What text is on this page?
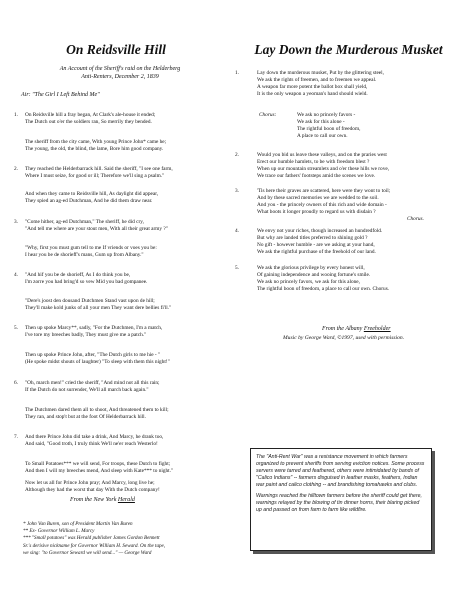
On Reidsville Hill
An Account of the Sheriff's raid on the Helderberg
Anti-Renters, December 2, 1839
Air: "The Girl I Left Behind Me"
1. On Reidsville hill a fray began, At Clark's ale-house it ended;
The Dutch out o'er the soldiers ran, So merrily they bended.
The sheriff from the city came, With young Prince John* came he;
The young, the old, the blind, the lame, Bore him good company.
2. They reached the Helderbarrack hill. Said the sheriff, "I see one farm,
Where I must seize, for good or ill; Therefore we'll sing a psalm."
And when they came to Reidsville hill, As daylight did appear,
They spied an ag-ed Dutchman, And he did them draw near.
3. "Come hither, ag-ed Dutchman," The sheriff, he did cry,
"And tell me where are your stout men, With all their great army ?"
"Why, first you must gum tell to me If vriends or voes you be:
I hear you be de shorieff's mans, Gum up from Albany."
4. "And hif you be de shorieff, As I do think you be,
I'm zorre you had bring'd so vew Mid you bad gompanee.
"Dere's joost den dousand Dutchmen Stand vast upon de hill;
They'll make kold junks of all your men They want dere bellies fi'll."
5. Then up spoke Marcy**, sadly, "For the Dutchmen, I'm a match,
I've tore my breeches badly, They must give me a patch."
Then up spoke Prince John, after, "The Dutch girls to me hie - "
(He spoke midst shouts of laughter) "To sleep with them this night!"
6. "Oh, march men!" cried the sheriff, "And mind not all this rain;
If the Dutch do not surrender, We'll all march back again."
The Dutchmen dared them all to shoot, And threatened them to kill;
They ran, and stop't but at the foot Of Helderbarrack hill.
7. And there Prince John did take a drink, And Marcy, he drank too,
And said, "Good troth, I truly think We'll ne'er reach Westerlo!
To Small Potatoes*** we will send, For troops, these Dutch to fight;
And then I will my breeches mend, And sleep with Kate*** to night."
Now let us all for Prince John pray; And Marcy, long live he;
Although they had the worst that day With the Dutch company!
From the New York Herald
* John Van Buren, son of President Martin Van Buren
** Ex- Governor William L. Marcy
*** "Small potatoes" was Herald publisher James Gordon Bennett
Sr.'s derisive nickname for Governor William H. Seward. On the tape,
we sing: "to Governor Seward we will send..." — George Ward
Lay Down the Murderous Musket
1.	Lay down the murderous musket, Put by the glittering steel,
We ask the rights of freemen, and to freemen we appeal.
A weapon far more potent the ballot box shall yield,
It is the only weapon a yeoman's hand should wield.
Chorus:	We ask no princely favors -
We ask for this alone -
The rightful boon of freedom,
A place to call our own.
2.	Would you bid us leave these valleys, and on the praries west
Erect our humble hamlets, to be with freedom blest ?
When up our mountain streamlets and o'er these hills we rove,
We trace our fathers' footsteps amid the scenes we love.
3.	'Tis here their graves are scattered, here were they wont to toil;
And by these sacred memories we are wedded to the soil.
And you - the princely owners of this rich and wide domain -
What boots it longer proudly to regard us with disdain ?
Chorus.
4.	We envy not your riches, though increased an hundredfold.
But why are landed titles preferred to shining gold ?
No gift - however humble - are we asking at your hand,
We ask the rightful purchase of the freehold of our land.
5.	We ask the glorious privilege by every honest will,
Of gaining independence and wooing fortune's smile.
We ask no princely favors, we ask for this alone,
The rightful boon of freedom, a place to call our own. Chorus.
From the Albany Freeholder
Music by George Ward, ©1997, used with permission.

The "Anti-Rent War" was a resistance movement in which farmers organized to prevent sheriffs from serving eviction notices. Some process servers were tarred and feathered, others were intimidated by bands of "Calico Indians" -- farmers disguised in leather masks, feathers, Indian war paint and calico clothing -- and brandishing tomahawks and clubs.

Warnings reached the hilltown farmers before the sheriff could get there, warnings relayed by the blowing of tin dinner horns, their blaring picked up and passed on from farm to farm like wildfire.
